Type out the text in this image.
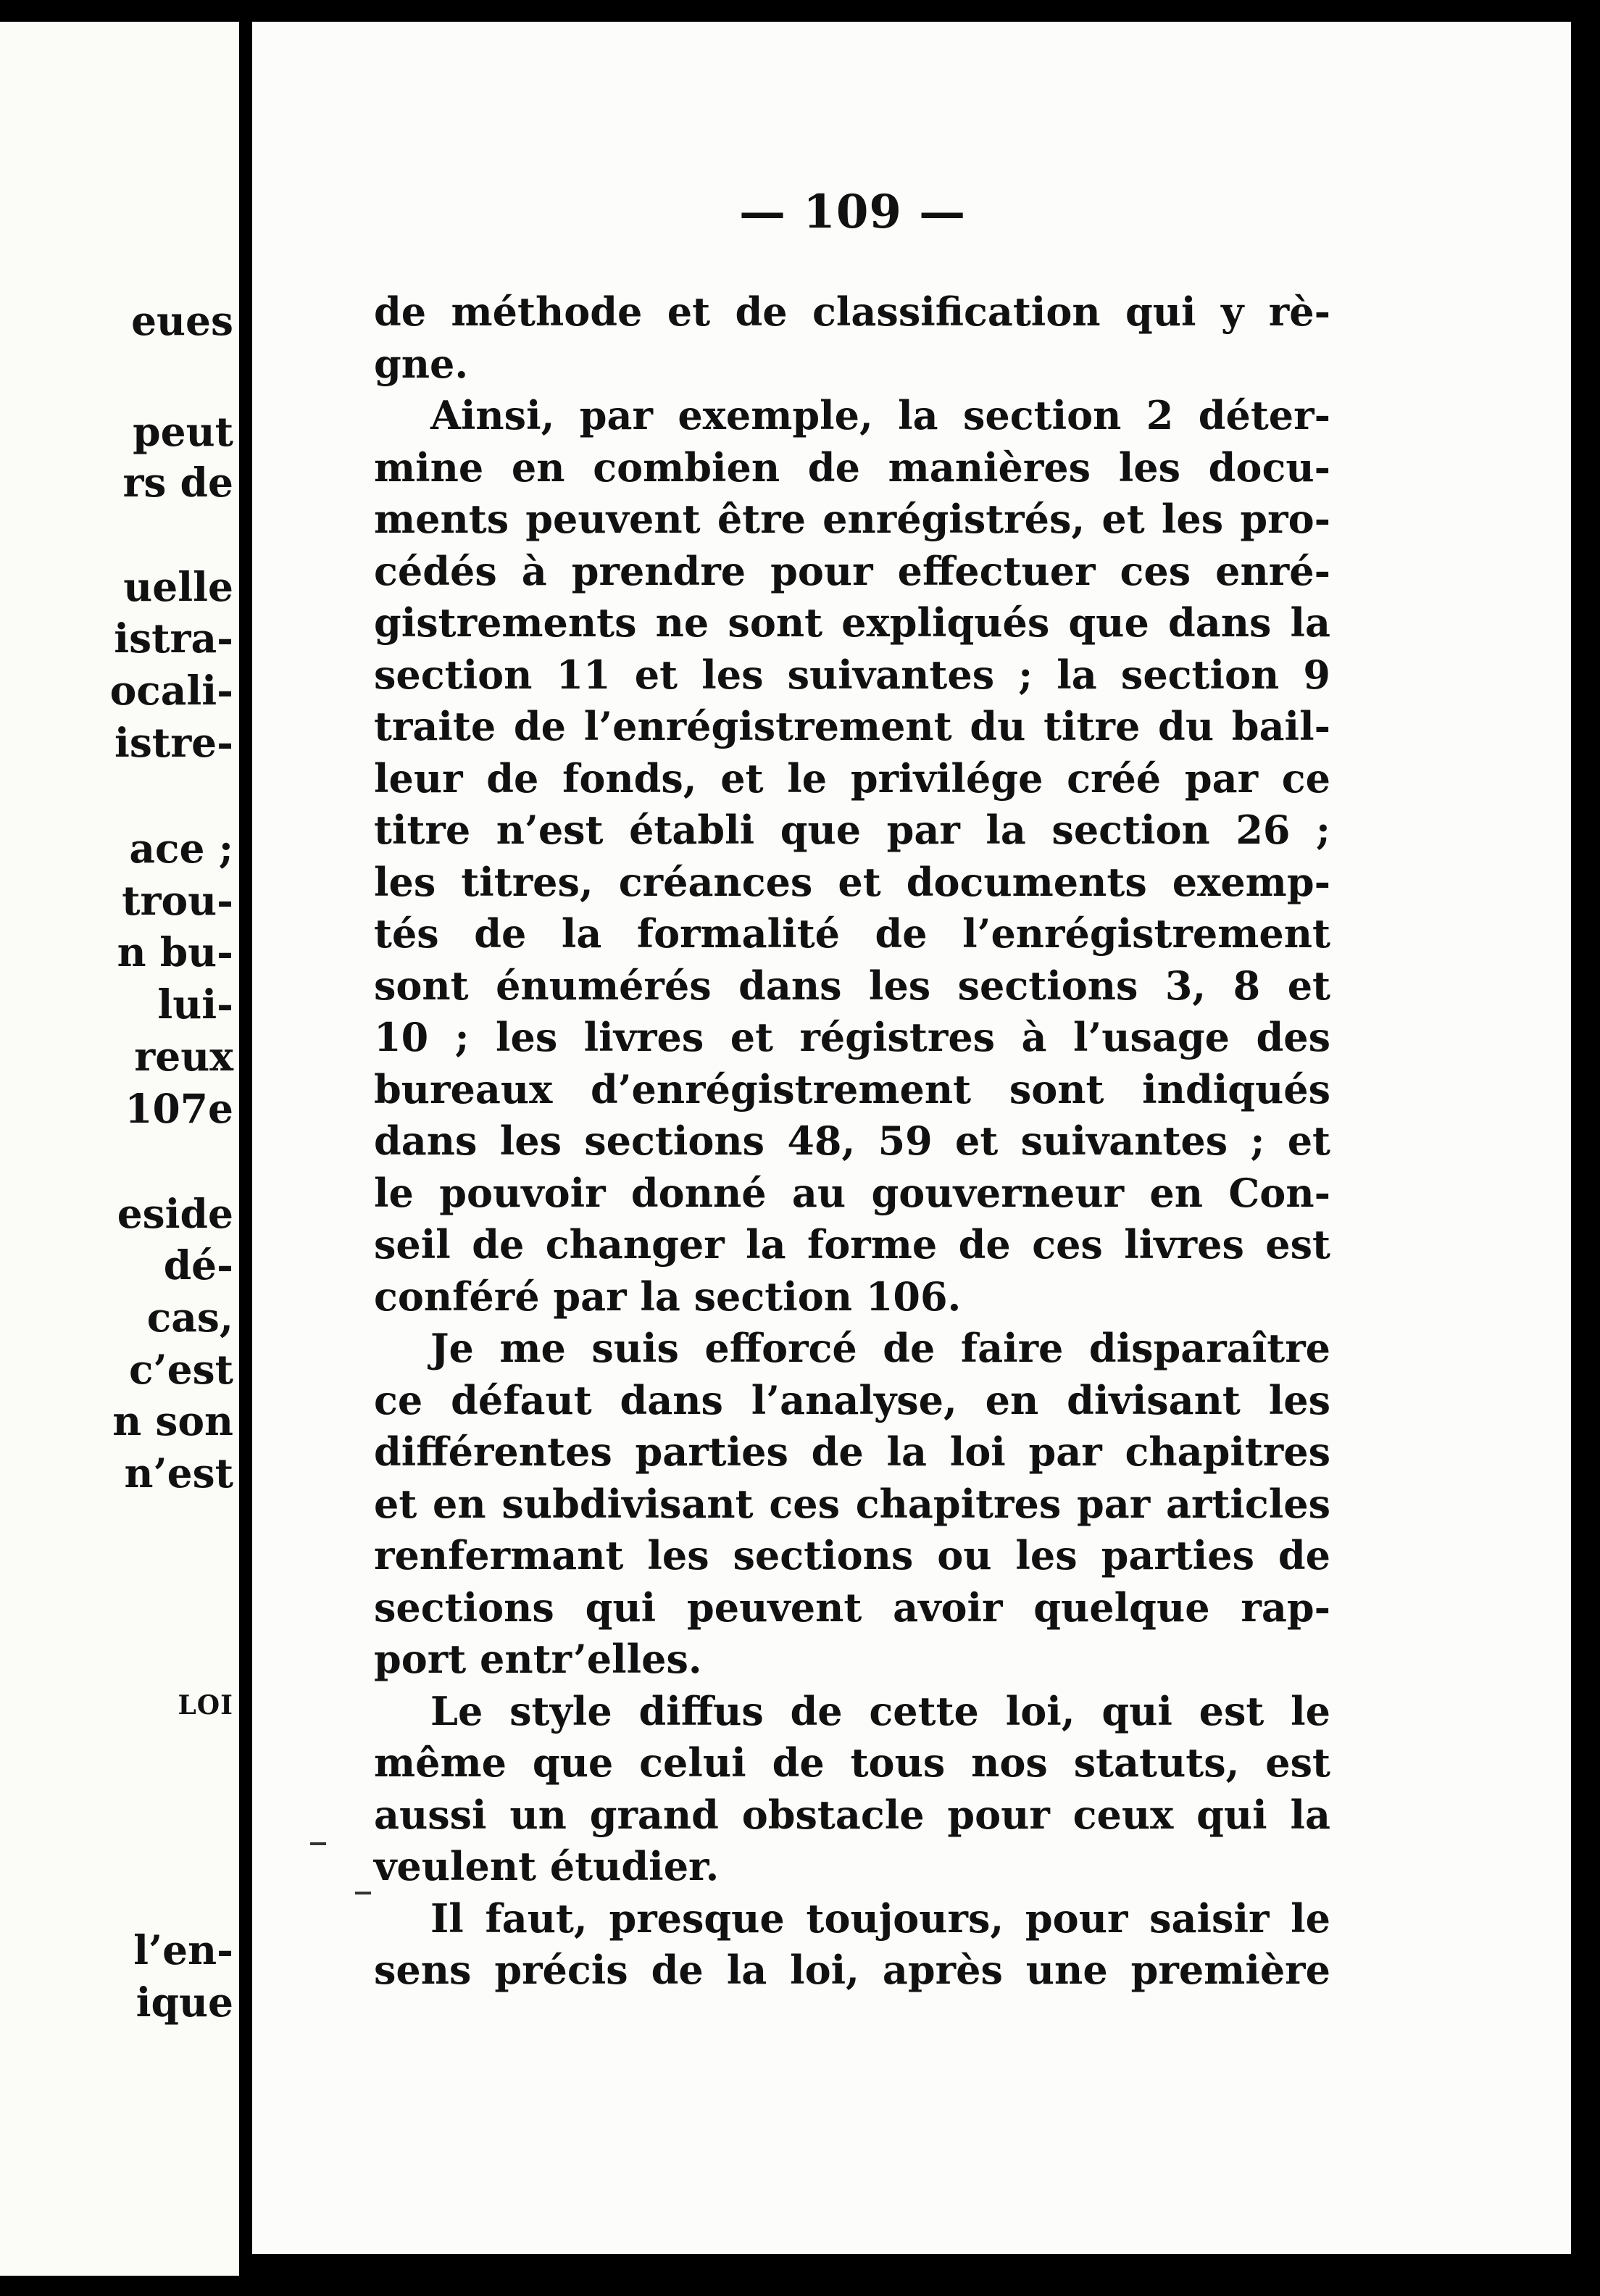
eues
peut
rs de
uelle
istra-
ocali-
istre-
ace ;
trou-
n bu-
lui-
reux
107e
eside
dé-
cas,
c’est
n son
n’est
LOI
l’en-
ique
— 109 —
de méthode et de classification qui y rè-
gne.
Ainsi, par exemple, la section 2 déter-
mine en combien de manières les docu-
ments peuvent être enrégistrés, et les pro-
cédés à prendre pour effectuer ces enré-
gistrements ne sont expliqués que dans la
section 11 et les suivantes ; la section 9
traite de l’enrégistrement du titre du bail-
leur de fonds, et le privilége créé par ce
titre n’est établi que par la section 26 ;
les titres, créances et documents exemp-
tés de la formalité de l’enrégistrement
sont énumérés dans les sections 3, 8 et
10 ; les livres et régistres à l’usage des
bureaux d’enrégistrement sont indiqués
dans les sections 48, 59 et suivantes ; et
le pouvoir donné au gouverneur en Con-
seil de changer la forme de ces livres est
conféré par la section 106.
Je me suis efforcé de faire disparaître
ce défaut dans l’analyse, en divisant les
différentes parties de la loi par chapitres
et en subdivisant ces chapitres par articles
renfermant les sections ou les parties de
sections qui peuvent avoir quelque rap-
port entr’elles.
Le style diffus de cette loi, qui est le
même que celui de tous nos statuts, est
aussi un grand obstacle pour ceux qui la
veulent étudier.
Il faut, presque toujours, pour saisir le
sens précis de la loi, après une première
